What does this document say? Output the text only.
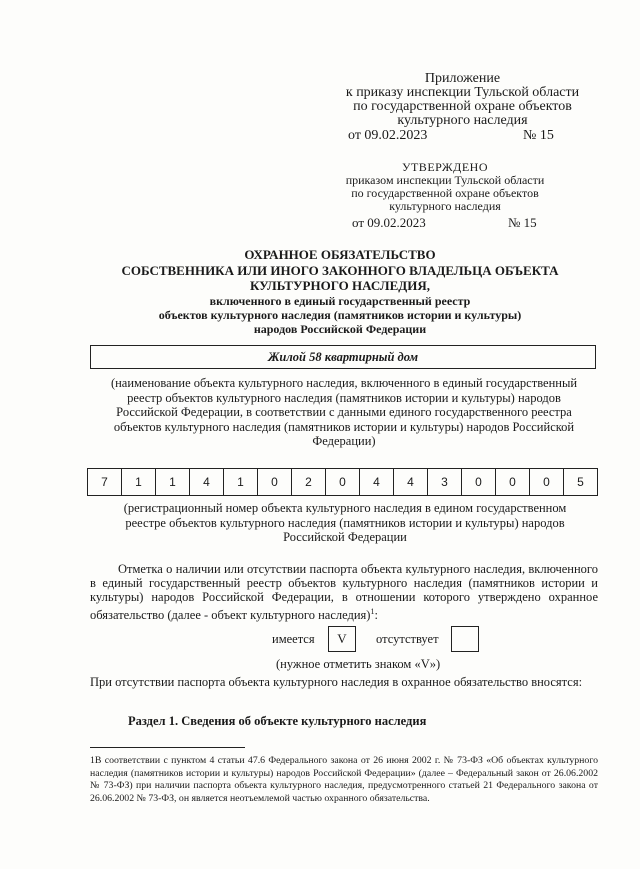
Приложение
к приказу инспекции Тульской области
по государственной охране объектов
культурного наследия
от 09.02.2023	№ 15
УТВЕРЖДЕНО
приказом инспекции Тульской области
по государственной охране объектов
культурного наследия
от 09.02.2023	№ 15
ОХРАННОЕ ОБЯЗАТЕЛЬСТВО
СОБСТВЕННИКА ИЛИ ИНОГО ЗАКОННОГО ВЛАДЕЛЬЦА ОБЪЕКТА
КУЛЬТУРНОГО НАСЛЕДИЯ,
включенного в единый государственный реестр
объектов культурного наследия (памятников истории и культуры)
народов Российской Федерации
Жилой 58 квартирный дом
(наименование объекта культурного наследия, включенного в единый государственный
реестр объектов культурного наследия (памятников истории и культуры) народов
Российской Федерации, в соответствии с данными единого государственного реестра
объектов культурного наследия (памятников истории и культуры) народов Российской
Федерации)
7	1	1	4	1	0	2	0	4	4	3	0	0	0	5
(регистрационный номер объекта культурного наследия в едином государственном
реестре объектов культурного наследия (памятников истории и культуры) народов
Российской Федерации
Отметка о наличии или отсутствии паспорта объекта культурного наследия, включенного в единый государственный реестр объектов культурного наследия (памятников истории и культуры) народов Российской Федерации, в отношении которого утверждено охранное обязательство (далее - объект культурного наследия)$^1$:
имеется V отсутствует
(нужное отметить знаком «V»)
При отсутствии паспорта объекта культурного наследия в охранное обязательство вносятся:
Раздел 1. Сведения об объекте культурного наследия
1В соответствии с пунктом 4 статьи 47.6 Федерального закона от 26 июня 2002 г. № 73-ФЗ «Об объектах культурного наследия (памятников истории и культуры) народов Российской Федерации» (далее – Федеральный закон от 26.06.2002 № 73-ФЗ) при наличии паспорта объекта культурного наследия, предусмотренного статьей 21 Федерального закона от 26.06.2002 № 73-ФЗ, он является неотъемлемой частью охранного обязательства.
